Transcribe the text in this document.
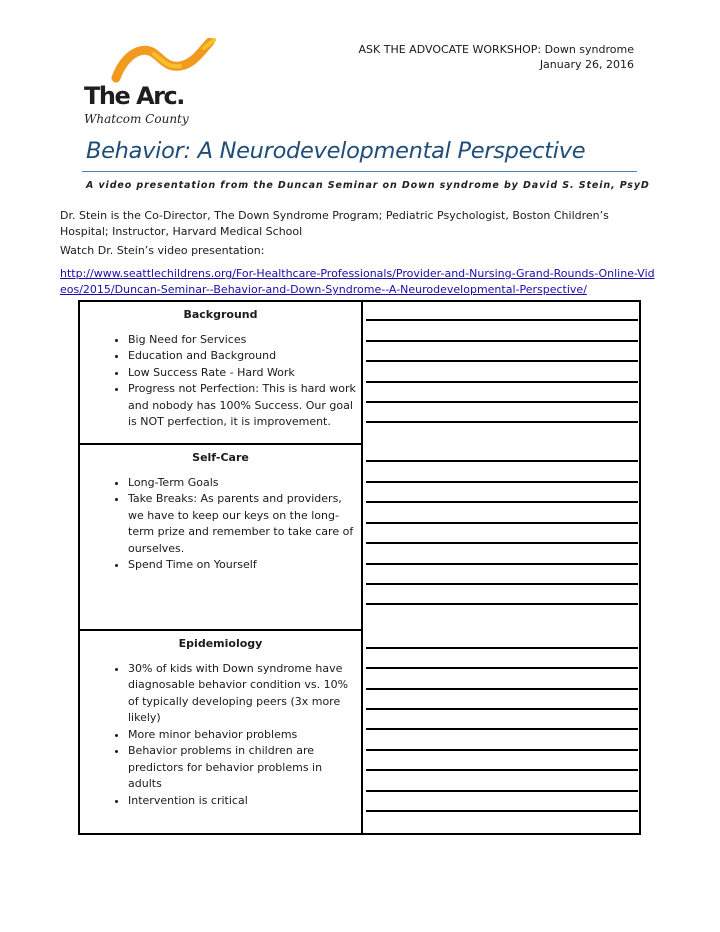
ASK THE ADVOCATE WORKSHOP: Down syndrome
January 26, 2016
The Arc.
Whatcom County
Behavior: A Neurodevelopmental Perspective
A video presentation from the Duncan Seminar on Down syndrome by David S. Stein, PsyD
Dr. Stein is the Co-Director, The Down Syndrome Program; Pediatric Psychologist, Boston Children’s Hospital; Instructor, Harvard Medical School
Watch Dr. Stein’s video presentation:
http://www.seattlechildrens.org/For-Healthcare-Professionals/Provider-and-Nursing-Grand-Rounds-Online-Videos/2015/Duncan-Seminar--Behavior-and-Down-Syndrome--A-Neurodevelopmental-Perspective/
Background
• Big Need for Services
• Education and Background
• Low Success Rate - Hard Work
• Progress not Perfection: This is hard work and nobody has 100% Success. Our goal is NOT perfection, it is improvement.
Self-Care
• Long-Term Goals
• Take Breaks: As parents and providers, we have to keep our keys on the long-term prize and remember to take care of ourselves.
• Spend Time on Yourself
Epidemiology
• 30% of kids with Down syndrome have diagnosable behavior condition vs. 10% of typically developing peers (3x more likely)
• More minor behavior problems
• Behavior problems in children are predictors for behavior problems in adults
• Intervention is critical
